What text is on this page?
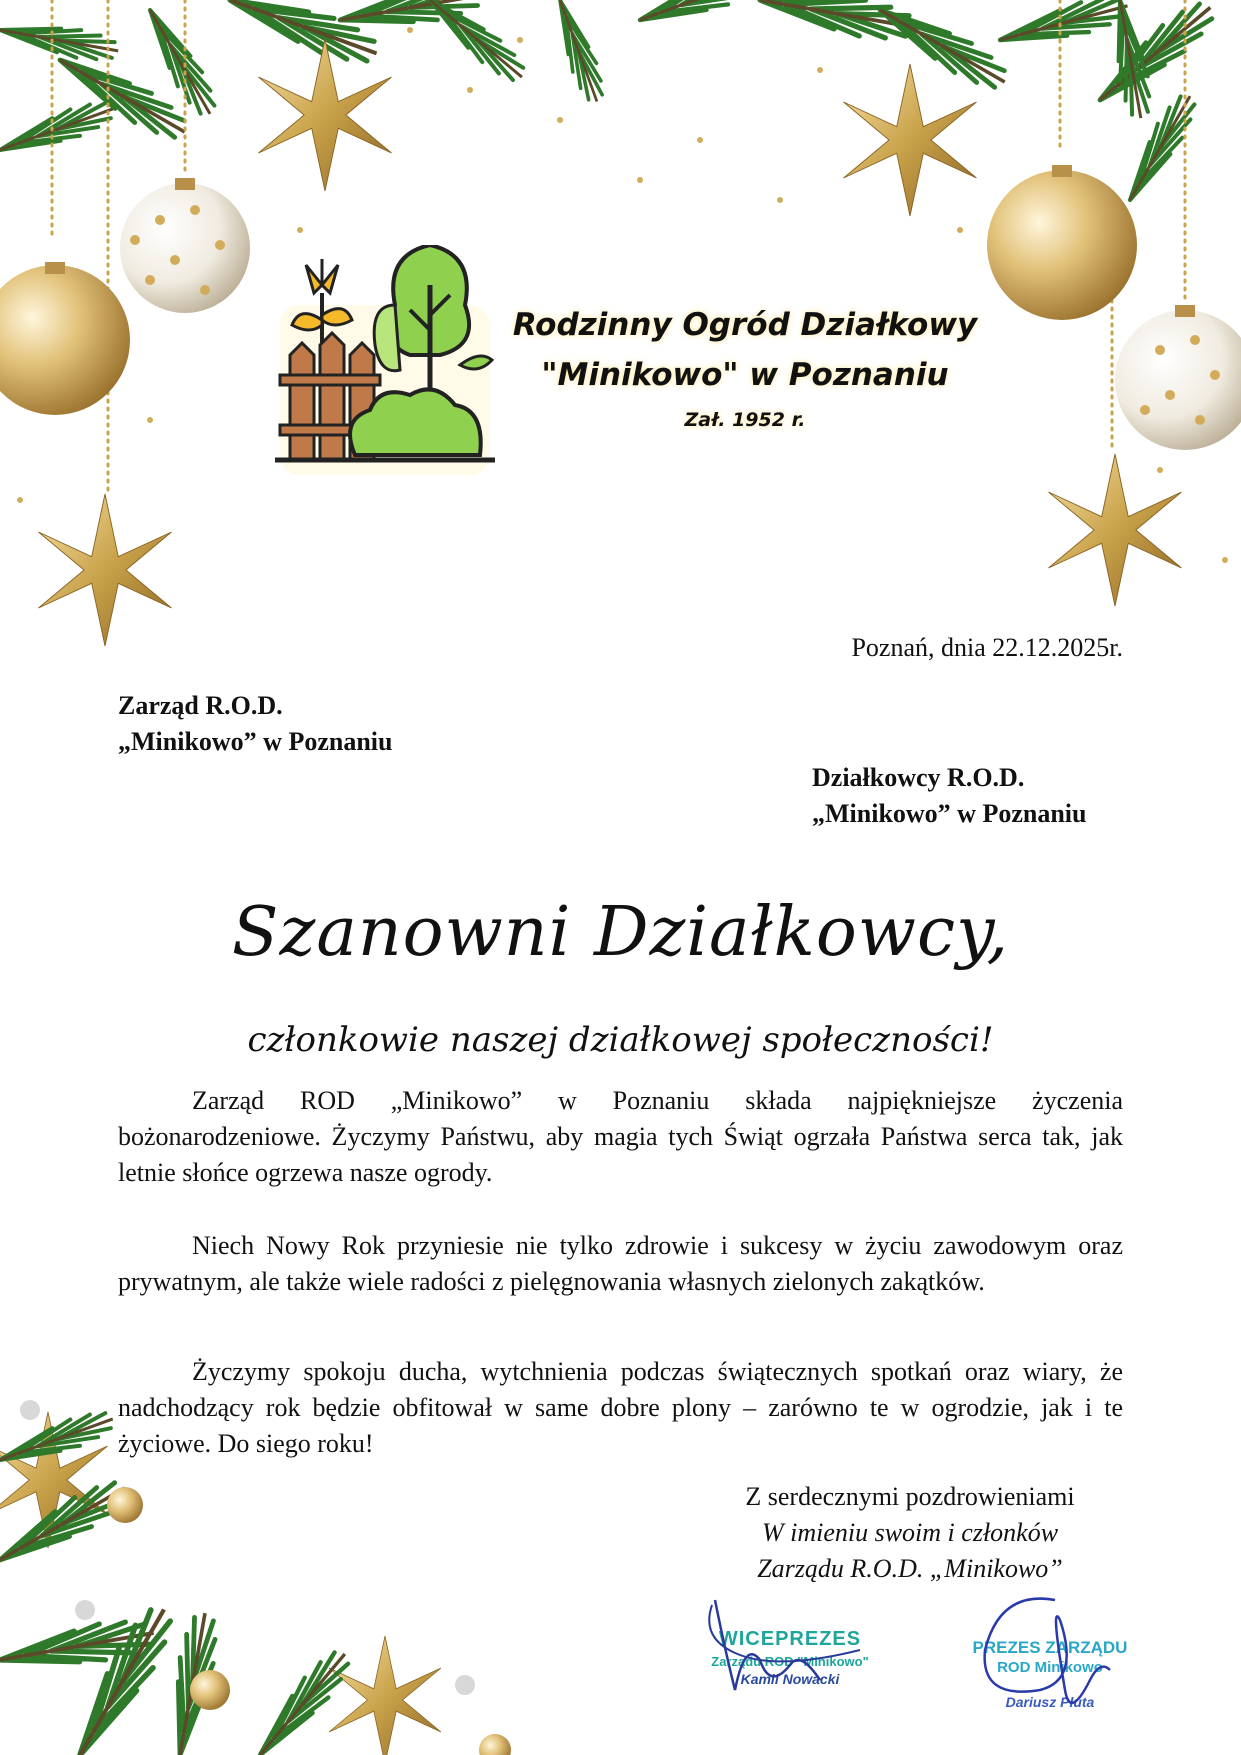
Rodzinny Ogród Działkowy
"Minikowo" w Poznaniu
Zał. 1952 r.
Poznań, dnia 22.12.2025r.
Zarząd R.O.D.
„Minikowo” w Poznaniu
Działkowcy R.O.D.
„Minikowo” w Poznaniu
Szanowni Działkowcy,
członkowie naszej działkowej społeczności!

Zarząd ROD „Minikowo” w Poznaniu składa najpiękniejsze życzenia bożonarodzeniowe. Życzymy Państwu, aby magia tych Świąt ogrzała Państwa serca tak, jak letnie słońce ogrzewa nasze ogrody.

Niech Nowy Rok przyniesie nie tylko zdrowie i sukcesy w życiu zawodowym oraz prywatnym, ale także wiele radości z pielęgnowania własnych zielonych zakątków.

Życzymy spokoju ducha, wytchnienia podczas świątecznych spotkań oraz wiary, że nadchodzący rok będzie obfitował w same dobre plony – zarówno te w ogrodzie, jak i te życiowe. Do siego roku!

Z serdecznymi pozdrowieniami
W imieniu swoim i członków
Zarządu R.O.D. „Minikowo”
WICEPREZES
Zarządu ROD "Minikowo"
Kamil Nowacki
PREZES ZARZĄDU
ROD Minikowo
Dariusz Pluta
